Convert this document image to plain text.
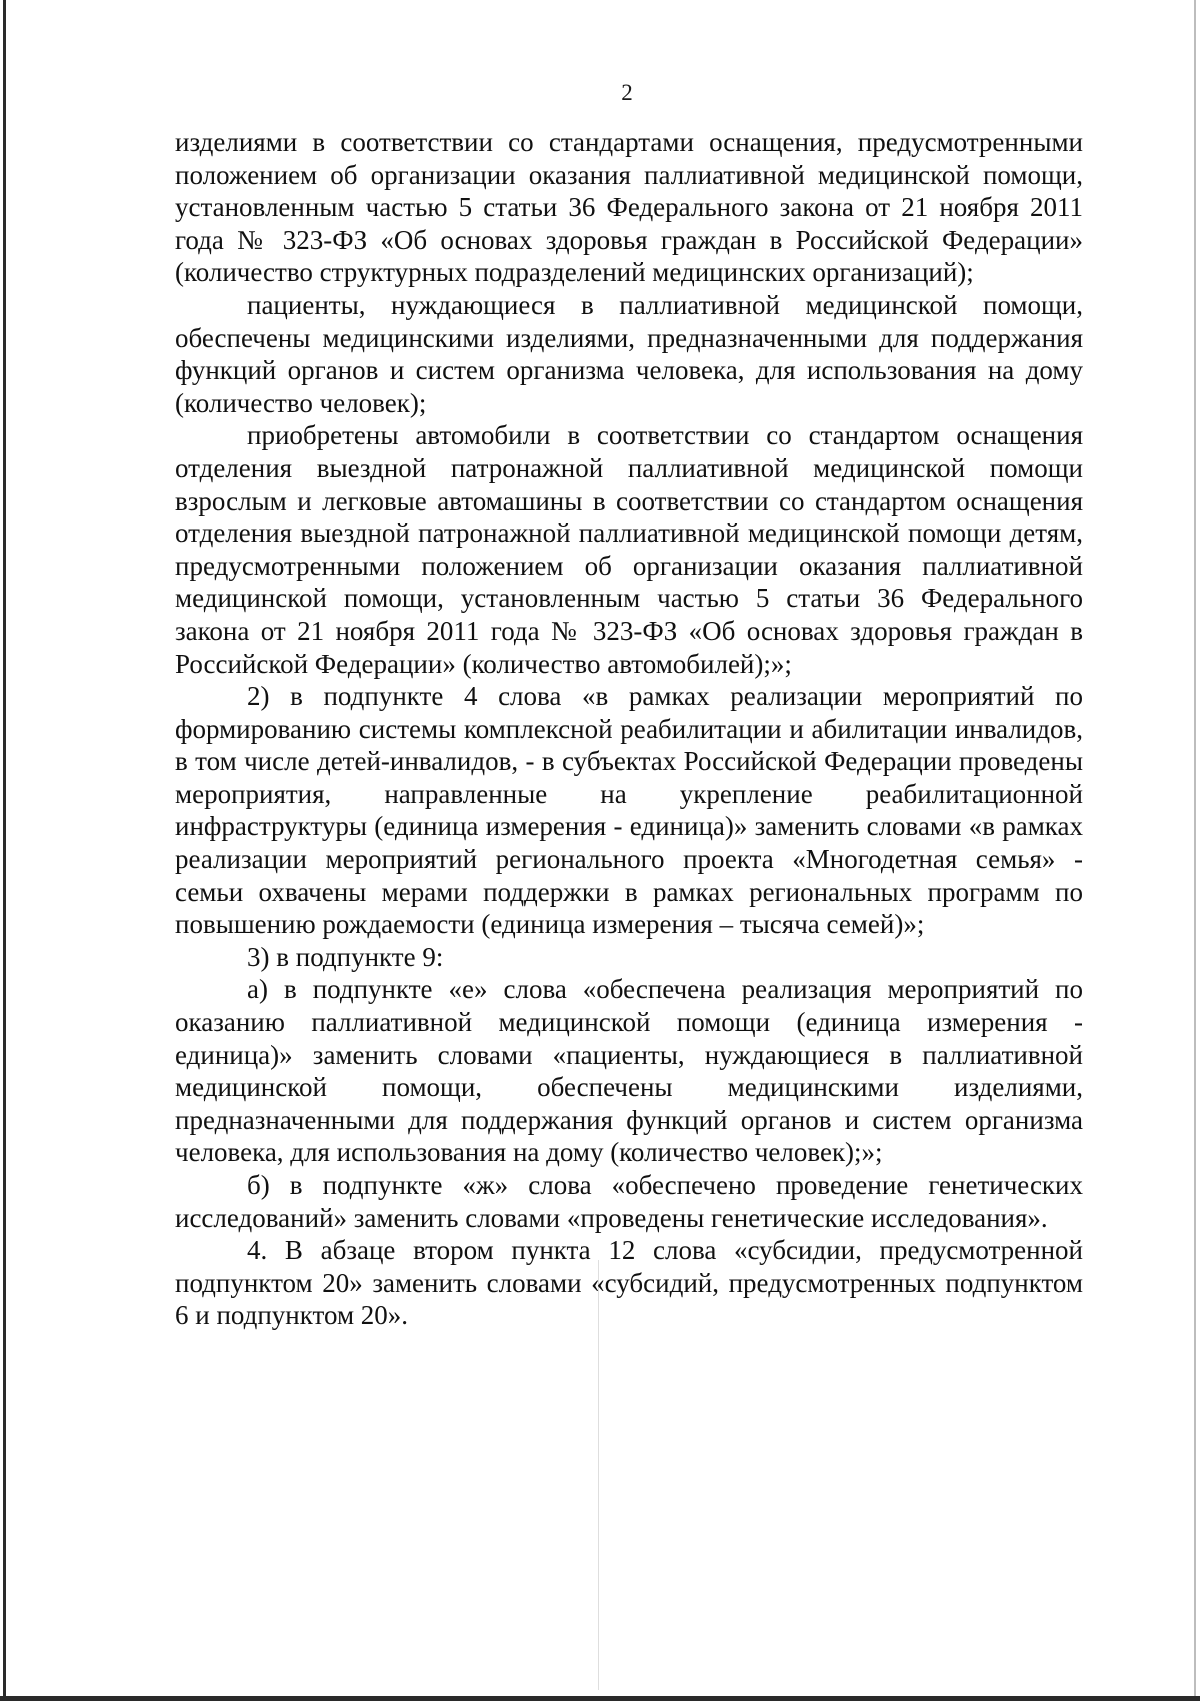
2

изделиями в соответствии со стандартами оснащения, предусмотренными положением об организации оказания паллиативной медицинской помощи, установленным частью 5 статьи 36 Федерального закона от 21 ноября 2011 года № 323-ФЗ «Об основах здоровья граждан в Российской Федерации» (количество структурных подразделений медицинских организаций);

пациенты, нуждающиеся в паллиативной медицинской помощи, обеспечены медицинскими изделиями, предназначенными для поддержания функций органов и систем организма человека, для использования на дому (количество человек);

приобретены автомобили в соответствии со стандартом оснащения отделения выездной патронажной паллиативной медицинской помощи взрослым и легковые автомашины в соответствии со стандартом оснащения отделения выездной патронажной паллиативной медицинской помощи детям, предусмотренными положением об организации оказания паллиативной медицинской помощи, установленным частью 5 статьи 36 Федерального закона от 21 ноября 2011 года № 323-ФЗ «Об основах здоровья граждан в Российской Федерации» (количество автомобилей);»;

2) в подпункте 4 слова «в рамках реализации мероприятий по формированию системы комплексной реабилитации и абилитации инвалидов, в том числе детей-инвалидов, - в субъектах Российской Федерации проведены мероприятия, направленные на укрепление реабилитационной инфраструктуры (единица измерения - единица)» заменить словами «в рамках реализации мероприятий регионального проекта «Многодетная семья» - семьи охвачены мерами поддержки в рамках региональных программ по повышению рождаемости (единица измерения – тысяча семей)»;

3) в подпункте 9:

а) в подпункте «е» слова «обеспечена реализация мероприятий по оказанию паллиативной медицинской помощи (единица измерения - единица)» заменить словами «пациенты, нуждающиеся в паллиативной медицинской помощи, обеспечены медицинскими изделиями, предназначенными для поддержания функций органов и систем организма человека, для использования на дому (количество человек);»;

б) в подпункте «ж» слова «обеспечено проведение генетических исследований» заменить словами «проведены генетические исследования».

4. В абзаце втором пункта 12 слова «субсидии, предусмотренной подпунктом 20» заменить словами «субсидий, предусмотренных подпунктом 6 и подпунктом 20».
